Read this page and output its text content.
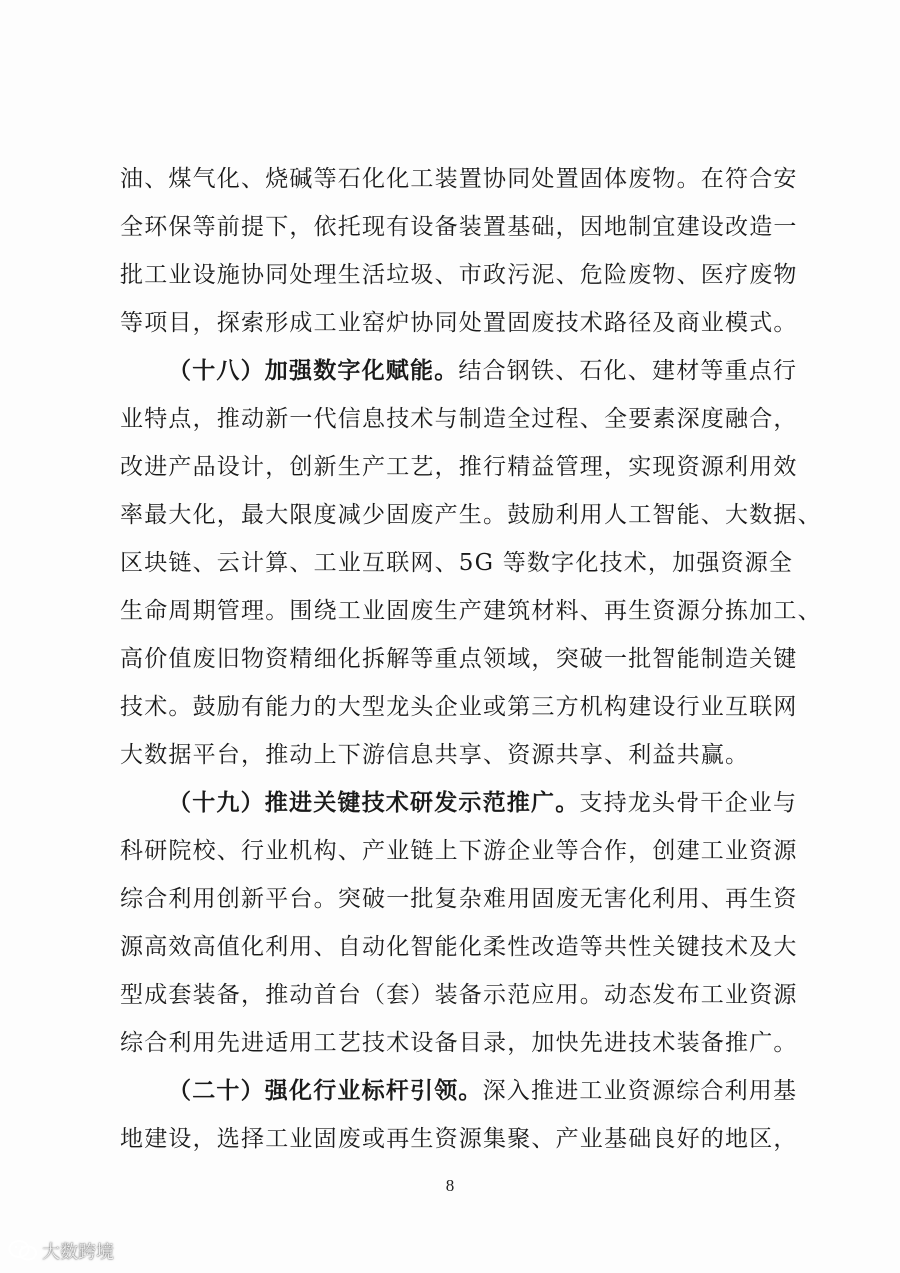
油、煤气化、烧碱等石化化工装置协同处置固体废物。在符合安
全环保等前提下，依托现有设备装置基础，因地制宜建设改造一
批工业设施协同处理生活垃圾、市政污泥、危险废物、医疗废物
等项目，探索形成工业窑炉协同处置固废技术路径及商业模式。
（十八）加强数字化赋能。 结合钢铁、石化、建材等重点行
业特点，推动新一代信息技术与制造全过程、全要素深度融合，
改进产品设计，创新生产工艺，推行精益管理，实现资源利用效
率最大化，最大限度减少固废产生。鼓励利用人工智能、大数据、
区块链、云计算、工业互联网、5G 等数字化技术，加强资源全
生命周期管理。围绕工业固废生产建筑材料、再生资源分拣加工、
高价值废旧物资精细化拆解等重点领域，突破一批智能制造关键
技术。鼓励有能力的大型龙头企业或第三方机构建设行业互联网
大数据平台，推动上下游信息共享、资源共享、利益共赢。
（十九）推进关键技术研发示范推广。 支持龙头骨干企业与
科研院校、行业机构、产业链上下游企业等合作，创建工业资源
综合利用创新平台。突破一批复杂难用固废无害化利用、再生资
源高效高值化利用、自动化智能化柔性改造等共性关键技术及大
型成套装备，推动首台（套）装备示范应用。动态发布工业资源
综合利用先进适用工艺技术设备目录，加快先进技术装备推广。
（二十）强化行业标杆引领。 深入推进工业资源综合利用基
地建设，选择工业固废或再生资源集聚、产业基础良好的地区，
8
大数跨境
